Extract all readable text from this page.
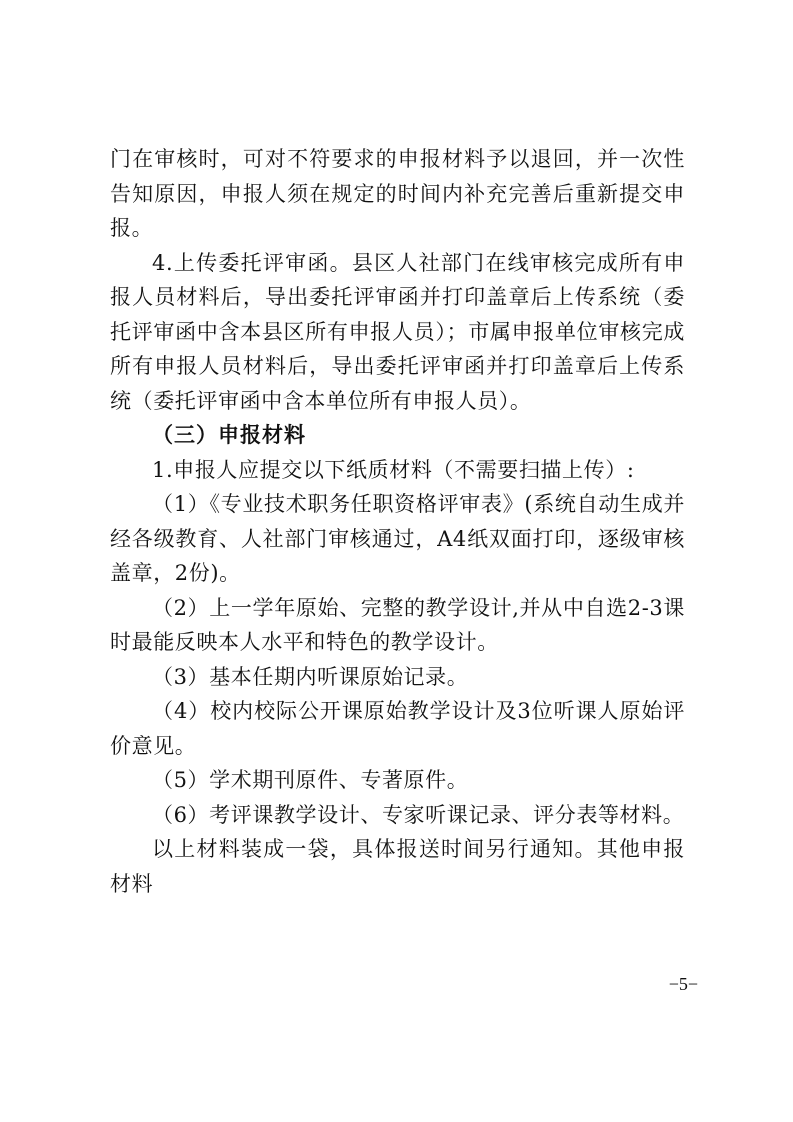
门在审核时，可对不符要求的申报材料予以退回，并一次性告知原因，申报人须在规定的时间内补充完善后重新提交申报。

4.上传委托评审函。县区人社部门在线审核完成所有申报人员材料后，导出委托评审函并打印盖章后上传系统（委托评审函中含本县区所有申报人员）；市属申报单位审核完成所有申报人员材料后，导出委托评审函并打印盖章后上传系统（委托评审函中含本单位所有申报人员）。

（三）申报材料

1.申报人应提交以下纸质材料（不需要扫描上传）:

（1）《专业技术职务任职资格评审表》(系统自动生成并经各级教育、人社部门审核通过，A4纸双面打印，逐级审核盖章，2份)。

（2）上一学年原始、完整的教学设计,并从中自选2-3课时最能反映本人水平和特色的教学设计。

（3）基本任期内听课原始记录。

（4）校内校际公开课原始教学设计及3位听课人原始评价意见。

（5）学术期刊原件、专著原件。

（6）考评课教学设计、专家听课记录、评分表等材料。

以上材料装成一袋，具体报送时间另行通知。其他申报材料

−5−
